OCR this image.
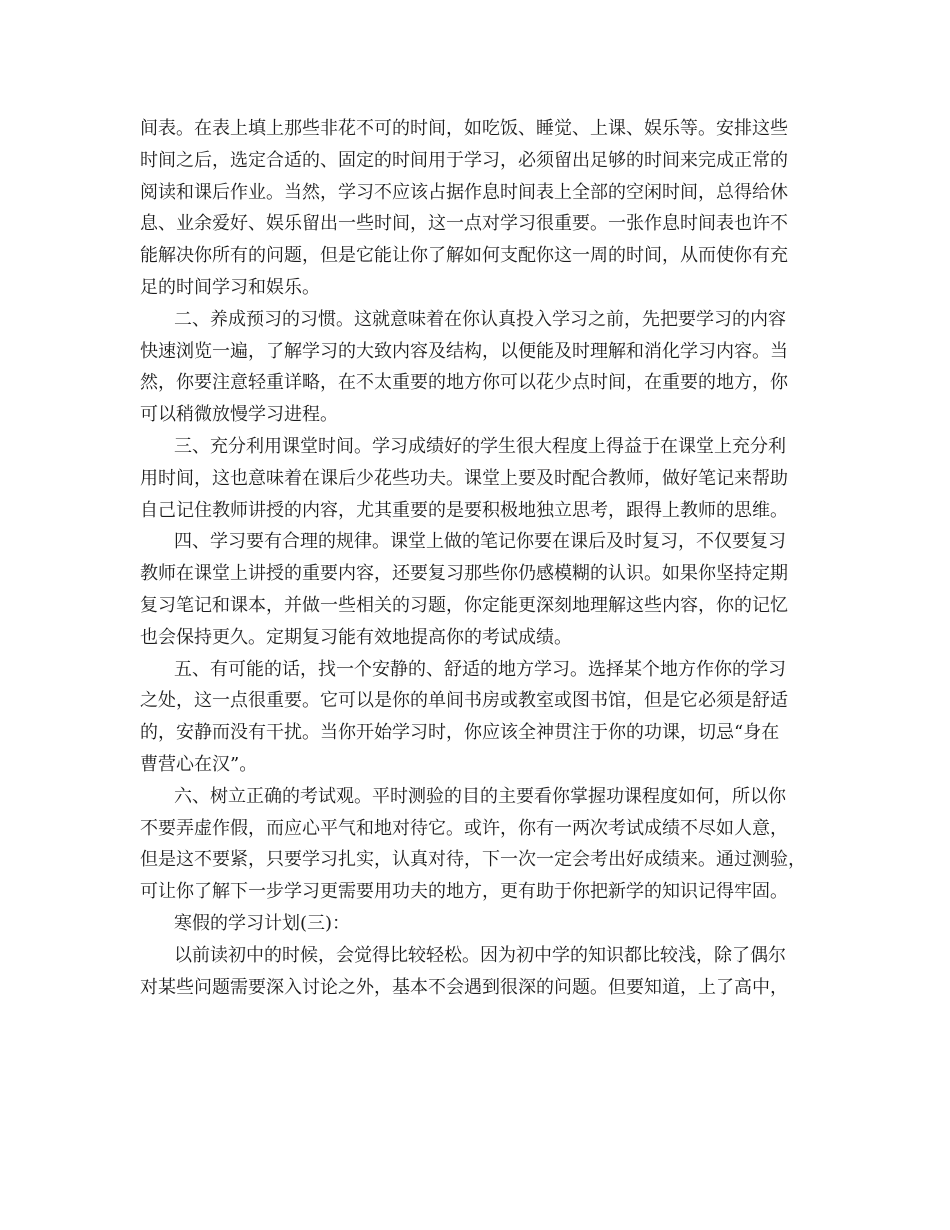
间表。在表上填上那些非花不可的时间，如吃饭、睡觉、上课、娱乐等。安排这些
时间之后，选定合适的、固定的时间用于学习，必须留出足够的时间来完成正常的
阅读和课后作业。当然，学习不应该占据作息时间表上全部的空闲时间，总得给休
息、业余爱好、娱乐留出一些时间，这一点对学习很重要。一张作息时间表也许不
能解决你所有的问题，但是它能让你了解如何支配你这一周的时间，从而使你有充
足的时间学习和娱乐。
二、养成预习的习惯。这就意味着在你认真投入学习之前，先把要学习的内容
快速浏览一遍，了解学习的大致内容及结构，以便能及时理解和消化学习内容。当
然，你要注意轻重详略，在不太重要的地方你可以花少点时间，在重要的地方，你
可以稍微放慢学习进程。
三、充分利用课堂时间。学习成绩好的学生很大程度上得益于在课堂上充分利
用时间，这也意味着在课后少花些功夫。课堂上要及时配合教师，做好笔记来帮助
自己记住教师讲授的内容，尤其重要的是要积极地独立思考，跟得上教师的思维。
四、学习要有合理的规律。课堂上做的笔记你要在课后及时复习，不仅要复习
教师在课堂上讲授的重要内容，还要复习那些你仍感模糊的认识。如果你坚持定期
复习笔记和课本，并做一些相关的习题，你定能更深刻地理解这些内容，你的记忆
也会保持更久。定期复习能有效地提高你的考试成绩。
五、有可能的话，找一个安静的、舒适的地方学习。选择某个地方作你的学习
之处，这一点很重要。它可以是你的单间书房或教室或图书馆，但是它必须是舒适
的，安静而没有干扰。当你开始学习时，你应该全神贯注于你的功课，切忌“身在
曹营心在汉”。
六、树立正确的考试观。平时测验的目的主要看你掌握功课程度如何，所以你
不要弄虚作假，而应心平气和地对待它。或许，你有一两次考试成绩不尽如人意，
但是这不要紧，只要学习扎实，认真对待，下一次一定会考出好成绩来。通过测验，
可让你了解下一步学习更需要用功夫的地方，更有助于你把新学的知识记得牢固。
寒假的学习计划(三)：
以前读初中的时候，会觉得比较轻松。因为初中学的知识都比较浅，除了偶尔
对某些问题需要深入讨论之外，基本不会遇到很深的问题。但要知道，上了高中，
